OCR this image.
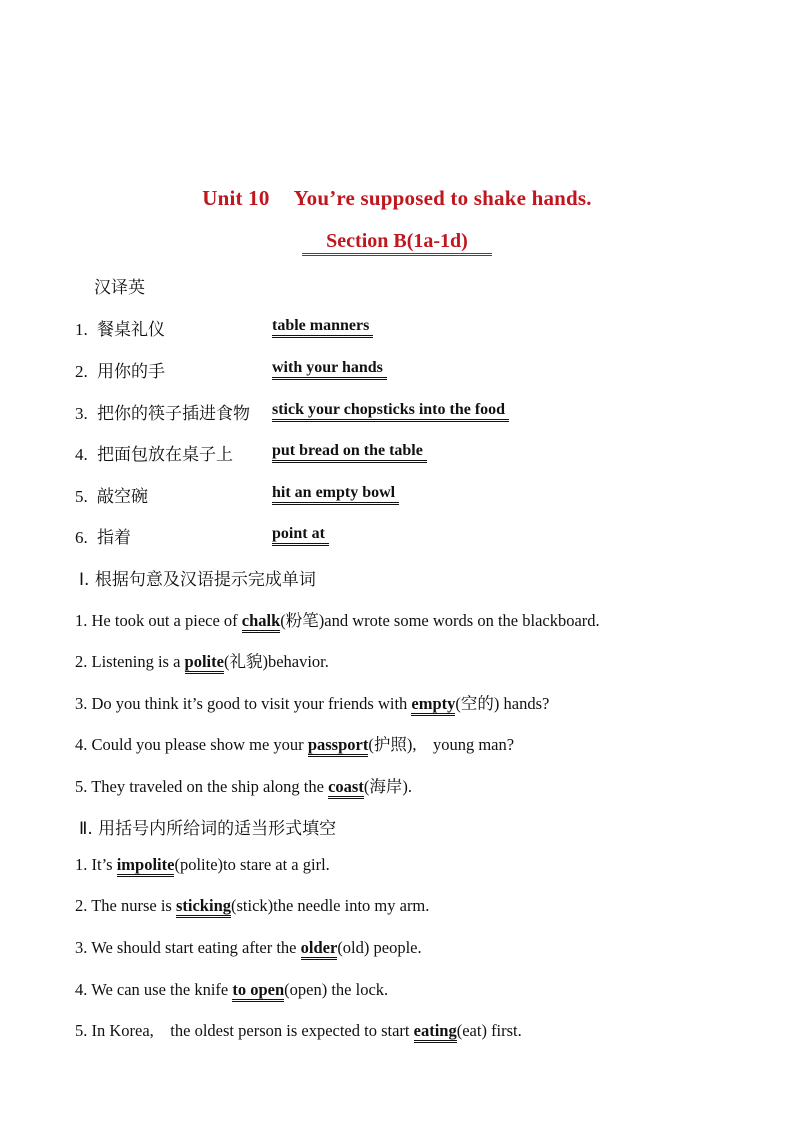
Unit 10 You’re supposed to shake hands.
Section B(1a-1d)
汉译英
1. 餐桌礼仪	table manners
2. 用你的手	with your hands
3. 把你的筷子插进食物 stick your chopsticks into the food
4. 把面包放在桌子上 put bread on the table
5. 敲空碗	hit an empty bowl
6. 指着	point at
Ⅰ. 根据句意及汉语提示完成单词
1. He took out a piece of chalk(粉笔)and wrote some words on the blackboard.
2. Listening is a polite(礼貌)behavior.
3. Do you think it’s good to visit your friends with empty(空的) hands?
4. Could you please show me your passport(护照),    young man?
5. They traveled on the ship along the coast(海岸).
Ⅱ. 用括号内所给词的适当形式填空
1. It’s impolite(polite)to stare at a girl.
2. The nurse is sticking(stick)the needle into my arm.
3. We should start eating after the older(old) people.
4. We can use the knife to open(open) the lock.
5. In Korea,    the oldest person is expected to start eating(eat) first.
